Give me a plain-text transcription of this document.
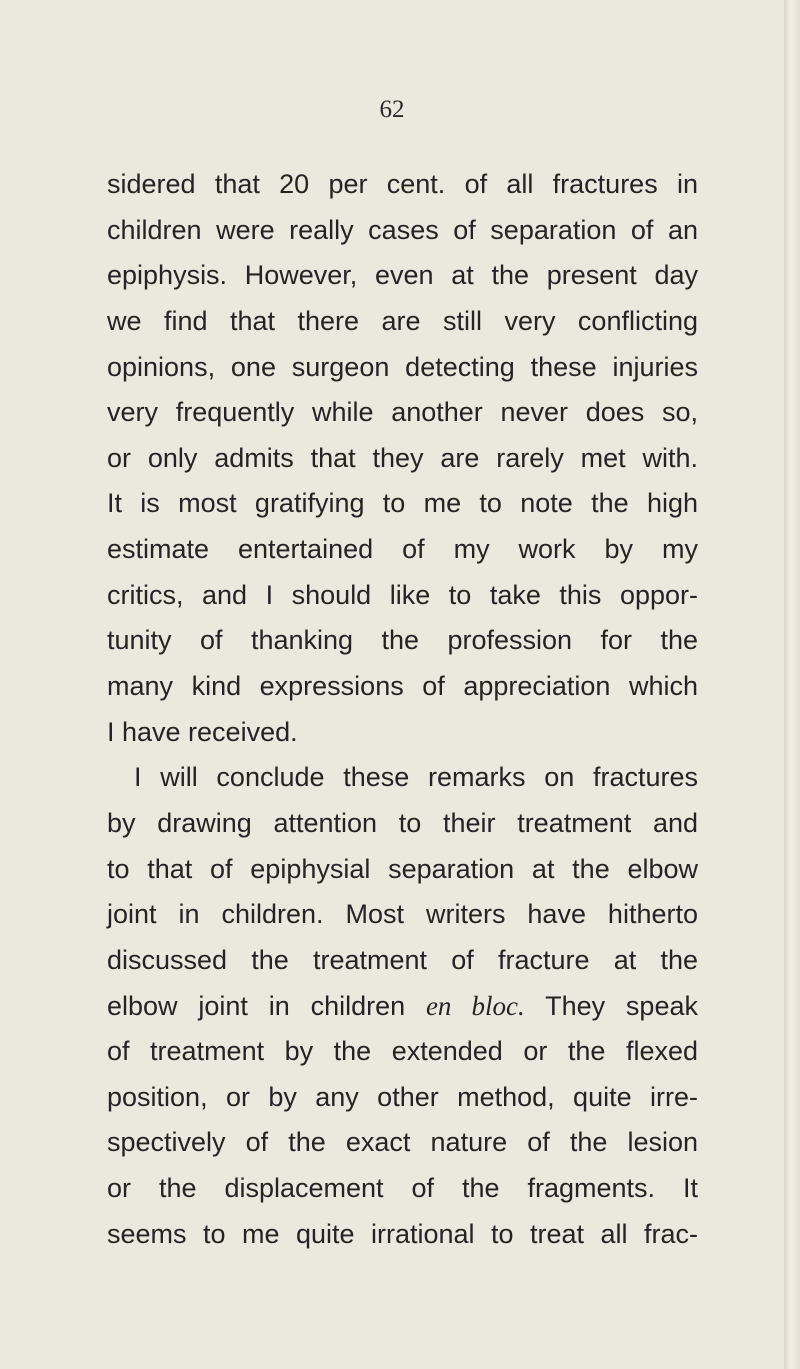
62
sidered that 20 per cent. of all fractures in
children were really cases of separation of an
epiphysis. However, even at the present day
we find that there are still very conflicting
opinions, one surgeon detecting these injuries
very frequently while another never does so,
or only admits that they are rarely met with.
It is most gratifying to me to note the high
estimate entertained of my work by my
critics, and I should like to take this oppor-
tunity of thanking the profession for the
many kind expressions of appreciation which
I have received.
I will conclude these remarks on fractures
by drawing attention to their treatment and
to that of epiphysial separation at the elbow
joint in children. Most writers have hitherto
discussed the treatment of fracture at the
elbow joint in children en bloc. They speak
of treatment by the extended or the flexed
position, or by any other method, quite irre-
spectively of the exact nature of the lesion
or the displacement of the fragments. It
seems to me quite irrational to treat all frac-
